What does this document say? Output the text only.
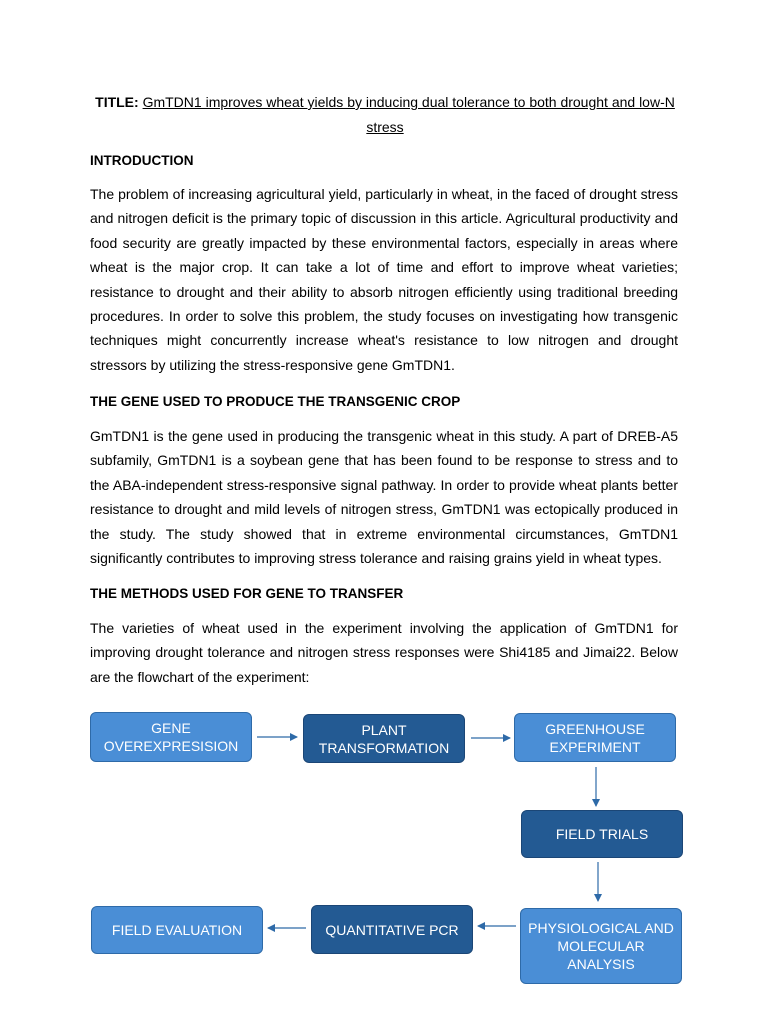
TITLE: GmTDN1 improves wheat yields by inducing dual tolerance to both drought and low-N stress
INTRODUCTION

The problem of increasing agricultural yield, particularly in wheat, in the faced of drought stress and nitrogen deficit is the primary topic of discussion in this article. Agricultural productivity and food security are greatly impacted by these environmental factors, especially in areas where wheat is the major crop. It can take a lot of time and effort to improve wheat varieties; resistance to drought and their ability to absorb nitrogen efficiently using traditional breeding procedures. In order to solve this problem, the study focuses on investigating how transgenic techniques might concurrently increase wheat's resistance to low nitrogen and drought stressors by utilizing the stress-responsive gene GmTDN1.

THE GENE USED TO PRODUCE THE TRANSGENIC CROP

GmTDN1 is the gene used in producing the transgenic wheat in this study. A part of DREB-A5 subfamily, GmTDN1 is a soybean gene that has been found to be response to stress and to the ABA-independent stress-responsive signal pathway. In order to provide wheat plants better resistance to drought and mild levels of nitrogen stress, GmTDN1 was ectopically produced in the study. The study showed that in extreme environmental circumstances, GmTDN1 significantly contributes to improving stress tolerance and raising grains yield in wheat types.

THE METHODS USED FOR GENE TO TRANSFER

The varieties of wheat used in the experiment involving the application of GmTDN1 for improving drought tolerance and nitrogen stress responses were Shi4185 and Jimai22. Below are the flowchart of the experiment:

GENE OVEREXPRESISION
PLANT TRANSFORMATION
GREENHOUSE EXPERIMENT
FIELD TRIALS
PHYSIOLOGICAL AND MOLECULAR ANALYSIS
QUANTITATIVE PCR
FIELD EVALUATION
